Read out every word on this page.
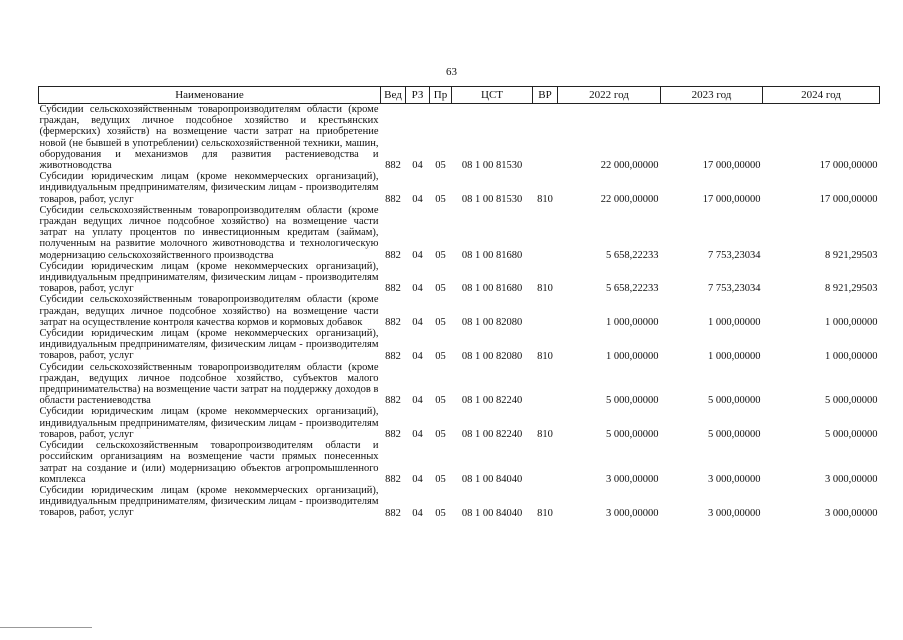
63
Наименование	Вед	РЗ	Пр	ЦСТ	ВР	2022 год	2023 год	2024 год
Субсидии сельскохозяйственным товаропроизводителям области (кроме граждан, ведущих личное подсобное хозяйство и крестьянских (фермерских) хозяйств) на возмещение части затрат на приобретение новой (не бывшей в употреблении) сельскохозяйственной техники, машин, оборудования и механизмов для развития растениеводства и животноводства	882	04	05	08 1 00 81530		22 000,00000	17 000,00000	17 000,00000
Субсидии юридическим лицам (кроме некоммерческих организаций), индивидуальным предпринимателям, физическим лицам - производителям товаров, работ, услуг	882	04	05	08 1 00 81530	810	22 000,00000	17 000,00000	17 000,00000
Субсидии сельскохозяйственным товаропроизводителям области (кроме граждан ведущих личное подсобное хозяйство) на возмещение части затрат на уплату процентов по инвестиционным кредитам (займам), полученным на развитие молочного животноводства и технологическую модернизацию сельскохозяйственного производства	882	04	05	08 1 00 81680		5 658,22233	7 753,23034	8 921,29503
Субсидии юридическим лицам (кроме некоммерческих организаций), индивидуальным предпринимателям, физическим лицам - производителям товаров, работ, услуг	882	04	05	08 1 00 81680	810	5 658,22233	7 753,23034	8 921,29503
Субсидии сельскохозяйственным товаропроизводителям области (кроме граждан, ведущих личное подсобное хозяйство) на возмещение части затрат на осуществление контроля качества кормов и кормовых добавок	882	04	05	08 1 00 82080		1 000,00000	1 000,00000	1 000,00000
Субсидии юридическим лицам (кроме некоммерческих организаций), индивидуальным предпринимателям, физическим лицам - производителям товаров, работ, услуг	882	04	05	08 1 00 82080	810	1 000,00000	1 000,00000	1 000,00000
Субсидии сельскохозяйственным товаропроизводителям области (кроме граждан, ведущих личное подсобное хозяйство, субъектов малого предпринимательства) на возмещение части затрат на поддержку доходов в области растениеводства	882	04	05	08 1 00 82240		5 000,00000	5 000,00000	5 000,00000
Субсидии юридическим лицам (кроме некоммерческих организаций), индивидуальным предпринимателям, физическим лицам - производителям товаров, работ, услуг	882	04	05	08 1 00 82240	810	5 000,00000	5 000,00000	5 000,00000
Субсидии сельскохозяйственным товаропроизводителям области и российским организациям на возмещение части прямых понесенных затрат на создание и (или) модернизацию объектов агропромышленного комплекса	882	04	05	08 1 00 84040		3 000,00000	3 000,00000	3 000,00000
Субсидии юридическим лицам (кроме некоммерческих организаций), индивидуальным предпринимателям, физическим лицам - производителям товаров, работ, услуг	882	04	05	08 1 00 84040	810	3 000,00000	3 000,00000	3 000,00000
